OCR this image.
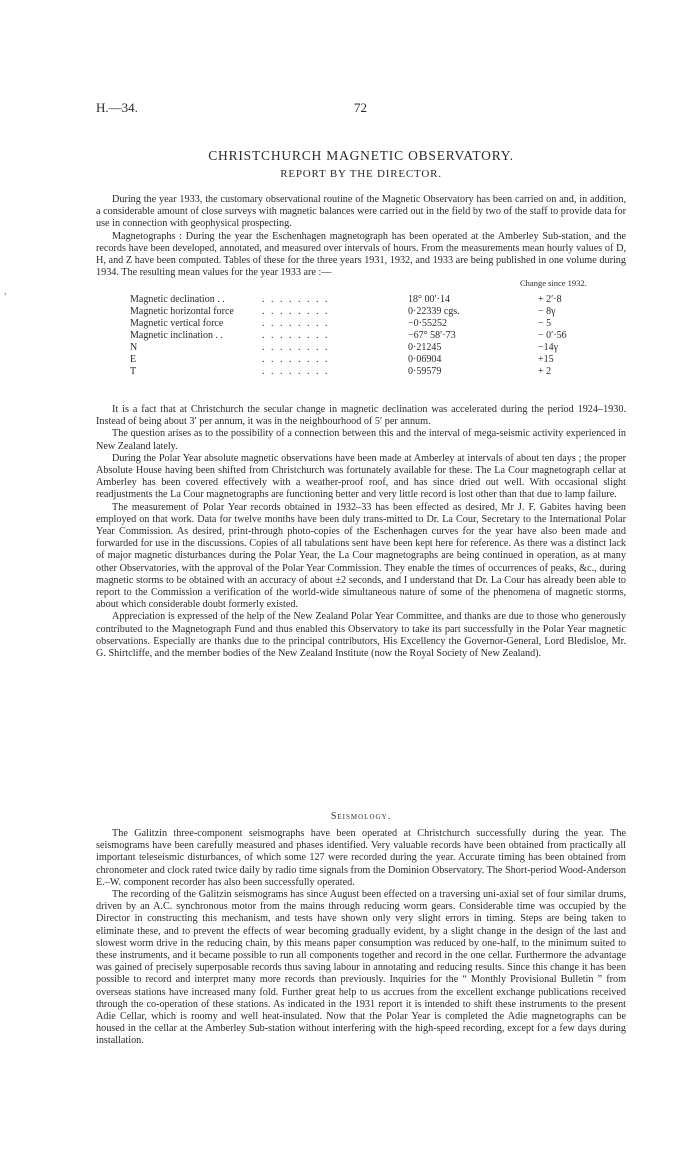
,
H.—34.	72
CHRISTCHURCH MAGNETIC OBSERVATORY.
REPORT BY THE DIRECTOR.

During the year 1933, the customary observational routine of the Magnetic Observatory has been carried on and, in addition, a considerable amount of close surveys with magnetic balances were carried out in the field by two of the staff to provide data for use in connection with geophysical prospecting.

Magnetographs : During the year the Eschenhagen magnetograph has been operated at the Amberley Sub-station, and the records have been developed, annotated, and measured over intervals of hours. From the measurements mean hourly values of D, H, and Z have been computed. Tables of these for the three years 1931, 1932, and 1933 are being published in one volume during 1934. The resulting mean values for the year 1933 are :—

Change since 1932.
Magnetic declination . .	. . . . . . . .	18° 00′·14	+ 2′·8
Magnetic horizontal force	. . . . . . . .	0·22339 cgs.	− 8γ
Magnetic vertical force	. . . . . . . .	−0·55252	− 5
Magnetic inclination . .	. . . . . . . .	−67° 58′·73	− 0′·56
N	. . . . . . . .	0·21245	−14γ
E	. . . . . . . .	0·06904	+15
T	. . . . . . . .	0·59579	+ 2

It is a fact that at Christchurch the secular change in magnetic declination was accelerated during the period 1924–1930. Instead of being about 3′ per annum, it was in the neighbourhood of 5′ per annum.

The question arises as to the possibility of a connection between this and the interval of mega-seismic activity experienced in New Zealand lately.

During the Polar Year absolute magnetic observations have been made at Amberley at intervals of about ten days ; the proper Absolute House having been shifted from Christchurch was fortunately available for these. The La Cour magnetograph cellar at Amberley has been covered effectively with a weather-proof roof, and has since dried out well. With occasional slight readjustments the La Cour magnetographs are functioning better and very little record is lost other than that due to lamp failure.

The measurement of Polar Year records obtained in 1932–33 has been effected as desired, Mr J. F. Gabites having been employed on that work. Data for twelve months have been duly trans-mitted to Dr. La Cour, Secretary to the International Polar Year Commission. As desired, print-through photo-copies of the Eschenhagen curves for the year have also been made and forwarded for use in the discussions. Copies of all tabulations sent have been kept here for reference. As there was a distinct lack of major magnetic disturbances during the Polar Year, the La Cour magnetographs are being continued in operation, as at many other Observatories, with the approval of the Polar Year Commission. They enable the times of occurrences of peaks, &c., during magnetic storms to be obtained with an accuracy of about ±2 seconds, and I understand that Dr. La Cour has already been able to report to the Commission a verification of the world-wide simultaneous nature of some of the phenomena of magnetic storms, about which considerable doubt formerly existed.

Appreciation is expressed of the help of the New Zealand Polar Year Committee, and thanks are due to those who generously contributed to the Magnetograph Fund and thus enabled this Observatory to take its part successfully in the Polar Year magnetic observations. Especially are thanks due to the principal contributors, His Excellency the Governor-General, Lord Bledisloe, Mr. G. Shirtcliffe, and the member bodies of the New Zealand Institute (now the Royal Society of New Zealand).

Seismology.

The Galitzin three-component seismographs have been operated at Christchurch successfully during the year. The seismograms have been carefully measured and phases identified. Very valuable records have been obtained from practically all important teleseismic disturbances, of which some 127 were recorded during the year. Accurate timing has been obtained from chronometer and clock rated twice daily by radio time signals from the Dominion Observatory. The Short-period Wood-Anderson E.–W. component recorder has also been successfully operated.

The recording of the Galitzin seismograms has since August been effected on a traversing uni-axial set of four similar drums, driven by an A.C. synchronous motor from the mains through reducing worm gears. Considerable time was occupied by the Director in constructing this mechanism, and tests have shown only very slight errors in timing. Steps are being taken to eliminate these, and to prevent the effects of wear becoming gradually evident, by a slight change in the design of the last and slowest worm drive in the reducing chain, by this means paper consumption was reduced by one-half, to the minimum suited to these instruments, and it became possible to run all components together and record in the one cellar. Furthermore the advantage was gained of precisely superposable records thus saving labour in annotating and reducing results. Since this change it has been possible to record and interpret many more records than previously. Inquiries for the “ Monthly Provisional Bulletin ” from overseas stations have increased many fold. Further great help to us accrues from the excellent exchange publications received through the co-operation of these stations. As indicated in the 1931 report it is intended to shift these instruments to the present Adie Cellar, which is roomy and well heat-insulated. Now that the Polar Year is completed the Adie magnetographs can be housed in the cellar at the Amberley Sub-station without interfering with the high-speed recording, except for a few days during installation.
